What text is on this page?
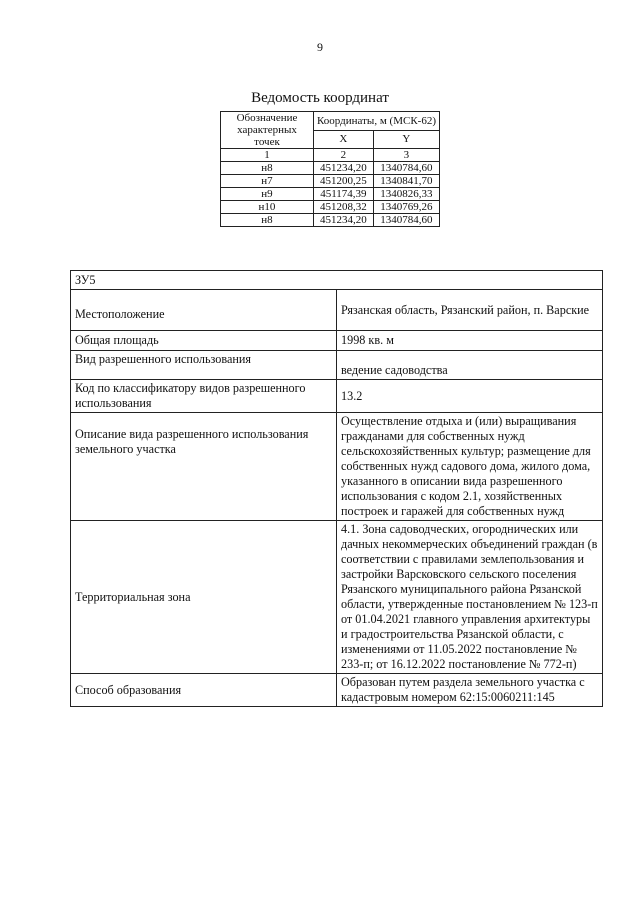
9
Ведомость координат
Обозначение характерных точек	Координаты, м (МСК-62)	
	X	Y
1	2	3
н8	451234,20	1340784,60
н7	451200,25	1340841,70
н9	451174,39	1340826,33
н10	451208,32	1340769,26
н8	451234,20	1340784,60
ЗУ5	
Местоположение	Рязанская область, Рязанский район, п. Варские
Общая площадь	1998 кв. м
Вид разрешенного использования	ведение садоводства
Код по классификатору видов разрешенного использования	13.2
Описание вида разрешенного использования земельного участка	Осуществление отдыха и (или) выращивания гражданами для собственных нужд сельскохозяйственных культур; размещение для собственных нужд садового дома, жилого дома, указанного в описании вида разрешенного использования с кодом 2.1, хозяйственных построек и гаражей для собственных нужд
Территориальная зона	4.1. Зона садоводческих, огороднических или дачных некоммерческих объединений граждан (в соответствии с правилами землепользования и застройки Варсковского сельского поселения Рязанского муниципального района Рязанской области, утвержденные постановлением № 123-п от 01.04.2021 главного управления архитектуры и градостроительства Рязанской области, с изменениями от 11.05.2022 постановление № 233-п; от 16.12.2022 постановление № 772-п)
Способ образования	Образован путем раздела земельного участка с кадастровым номером 62:15:0060211:145
